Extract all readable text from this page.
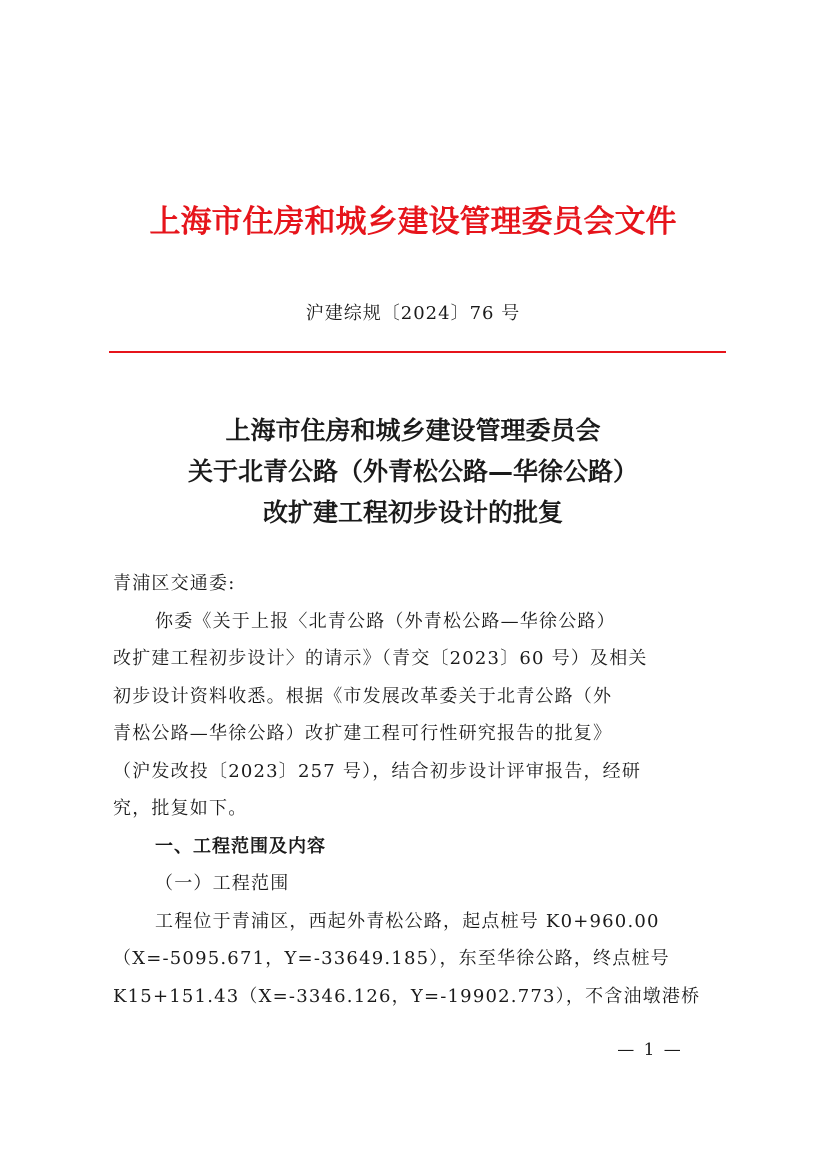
上海市住房和城乡建设管理委员会文件
沪建综规〔2024〕76 号
上海市住房和城乡建设管理委员会
关于北青公路（外青松公路—华徐公路）
改扩建工程初步设计的批复
青浦区交通委:
你委《关于上报〈北青公路（外青松公路—华徐公路）
改扩建工程初步设计〉的请示》（青交〔2023〕60 号）及相关
初步设计资料收悉。根据《市发展改革委关于北青公路（外
青松公路—华徐公路）改扩建工程可行性研究报告的批复》
（沪发改投〔2023〕257 号），结合初步设计评审报告，经研
究，批复如下。
一、工程范围及内容
（一）工程范围
工程位于青浦区，西起外青松公路，起点桩号 K0+960.00
（X=-5095.671，Y=-33649.185），东至华徐公路，终点桩号
K15+151.43（X=-3346.126，Y=-19902.773），不含油墩港桥
— 1 —
